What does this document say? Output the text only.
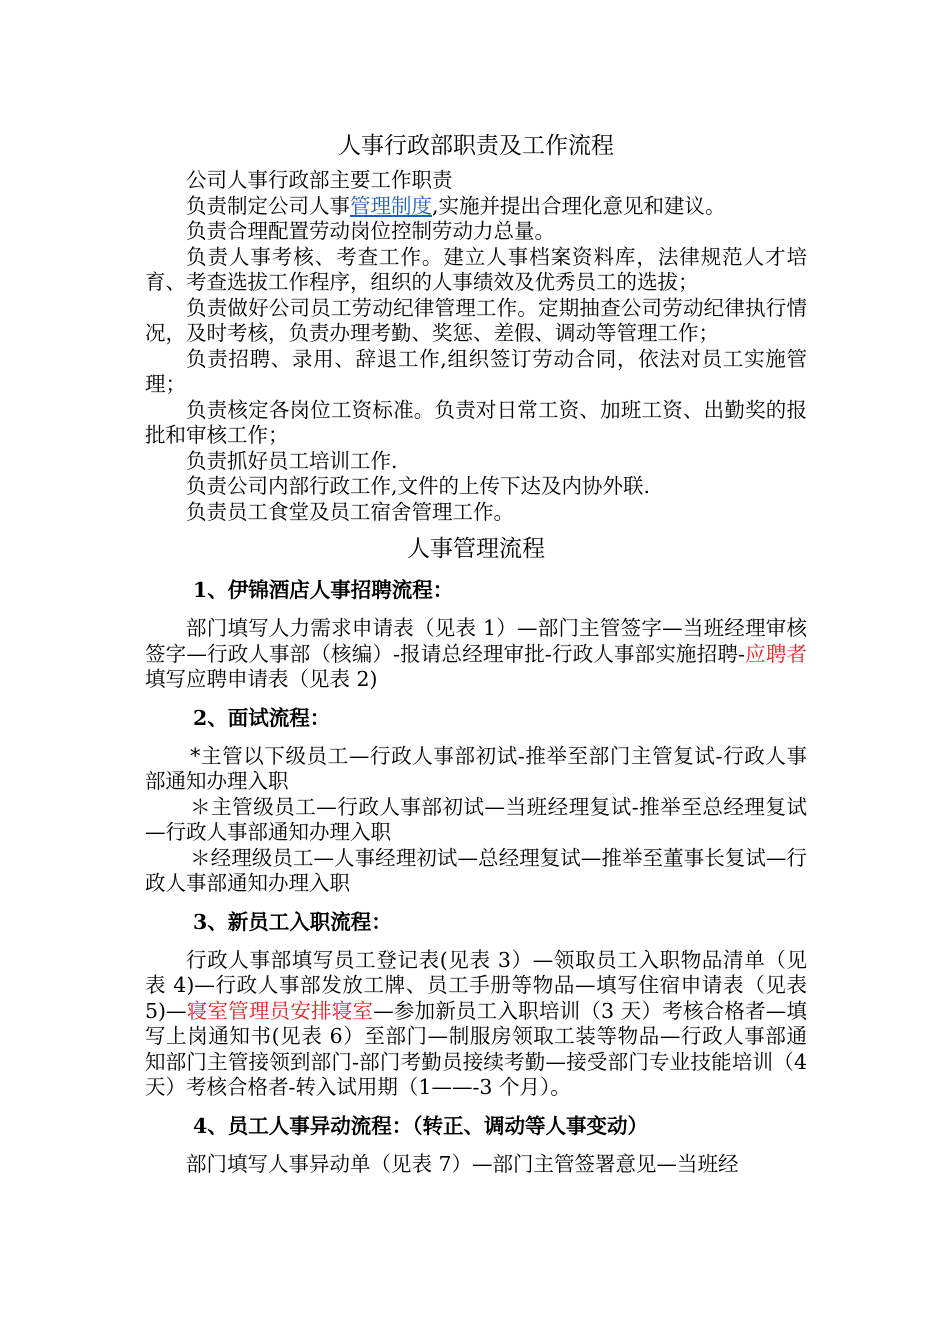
人事行政部职责及工作流程

公司人事行政部主要工作职责

负责制定公司人事管理制度,实施并提出合理化意见和建议。

负责合理配置劳动岗位控制劳动力总量。

负责人事考核、考查工作。建立人事档案资料库，法律规范人才培育、考查选拔工作程序，组织的人事绩效及优秀员工的选拔；

负责做好公司员工劳动纪律管理工作。定期抽查公司劳动纪律执行情况，及时考核，负责办理考勤、奖惩、差假、调动等管理工作；

负责招聘、录用、辞退工作,组织签订劳动合同，依法对员工实施管理；

负责核定各岗位工资标准。负责对日常工资、加班工资、出勤奖的报批和审核工作；

负责抓好员工培训工作.

负责公司内部行政工作,文件的上传下达及内协外联.

负责员工食堂及员工宿舍管理工作。

人事管理流程
1、伊锦酒店人事招聘流程：

部门填写人力需求申请表（见表 1）—部门主管签字—当班经理审核签字—行政人事部（核编）-报请总经理审批-行政人事部实施招聘-应聘者填写应聘申请表（见表 2)

2、面试流程：

*主管以下级员工—行政人事部初试-推举至部门主管复试-行政人事部通知办理入职

＊主管级员工—行政人事部初试—当班经理复试-推举至总经理复试—行政人事部通知办理入职

＊经理级员工—人事经理初试—总经理复试—推举至董事长复试—行政人事部通知办理入职

3、新员工入职流程：

行政人事部填写员工登记表(见表 3）—领取员工入职物品清单（见表 4)—行政人事部发放工牌、员工手册等物品—填写住宿申请表（见表 5)—寝室管理员安排寝室—参加新员工入职培训（3 天）考核合格者—填写上岗通知书(见表 6）至部门—制服房领取工装等物品—行政人事部通知部门主管接领到部门-部门考勤员接续考勤—接受部门专业技能培训（4 天）考核合格者-转入试用期（1——-3 个月）。

4、员工人事异动流程：（转正、调动等人事变动）

部门填写人事异动单（见表 7）—部门主管签署意见—当班经
